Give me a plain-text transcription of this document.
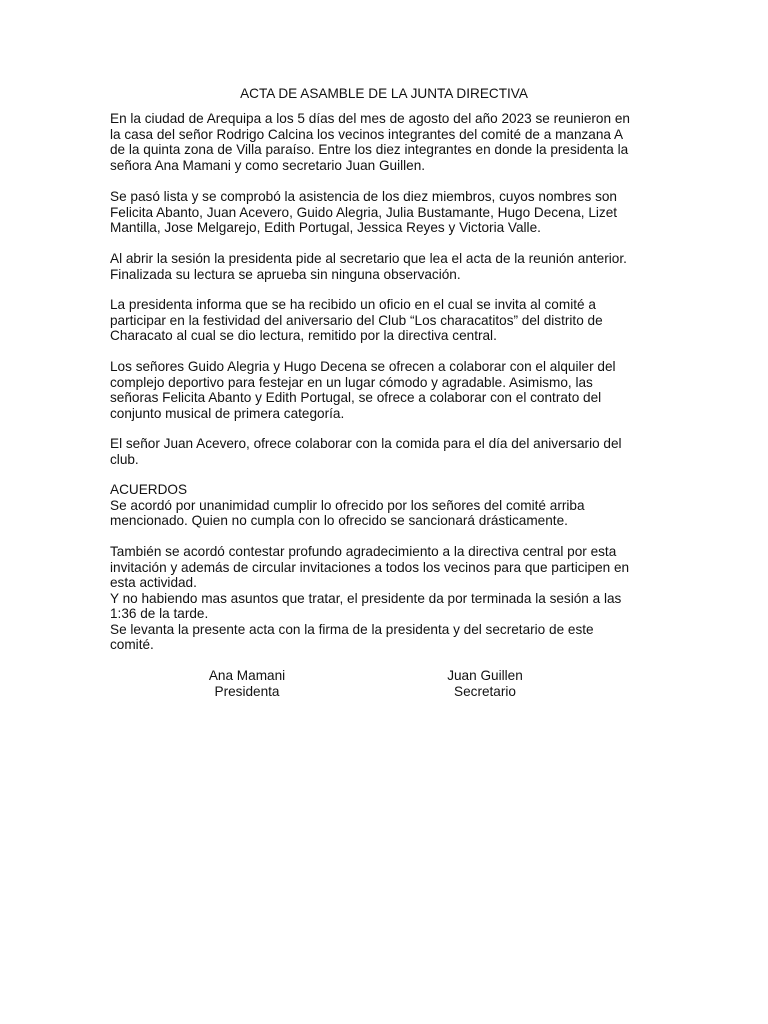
ACTA DE ASAMBLE DE LA JUNTA DIRECTIVA

En la ciudad de Arequipa a los 5 días del mes de agosto del año 2023 se reunieron en
la casa del señor Rodrigo Calcina los vecinos integrantes del comité de a manzana A
de la quinta zona de Villa paraíso. Entre los diez integrantes en donde la presidenta la
señora Ana Mamani y como secretario Juan Guillen.

Se pasó lista y se comprobó la asistencia de los diez miembros, cuyos nombres son
Felicita Abanto, Juan Acevero, Guido Alegria, Julia Bustamante, Hugo Decena, Lizet
Mantilla, Jose Melgarejo, Edith Portugal, Jessica Reyes y Victoria Valle.

Al abrir la sesión la presidenta pide al secretario que lea el acta de la reunión anterior.
Finalizada su lectura se aprueba sin ninguna observación.

La presidenta informa que se ha recibido un oficio en el cual se invita al comité a
participar en la festividad del aniversario del Club “Los characatitos” del distrito de
Characato al cual se dio lectura, remitido por la directiva central.

Los señores Guido Alegria y Hugo Decena se ofrecen a colaborar con el alquiler del
complejo deportivo para festejar en un lugar cómodo y agradable. Asimismo, las
señoras Felicita Abanto y Edith Portugal, se ofrece a colaborar con el contrato del
conjunto musical de primera categoría.

El señor Juan Acevero, ofrece colaborar con la comida para el día del aniversario del
club.

ACUERDOS
Se acordó por unanimidad cumplir lo ofrecido por los señores del comité arriba
mencionado. Quien no cumpla con lo ofrecido se sancionará drásticamente.

También se acordó contestar profundo agradecimiento a la directiva central por esta
invitación y además de circular invitaciones a todos los vecinos para que participen en
esta actividad.
Y no habiendo mas asuntos que tratar, el presidente da por terminada la sesión a las
1:36 de la tarde.
Se levanta la presente acta con la firma de la presidenta y del secretario de este
comité.

Ana Mamani
Presidenta
Juan Guillen
Secretario
